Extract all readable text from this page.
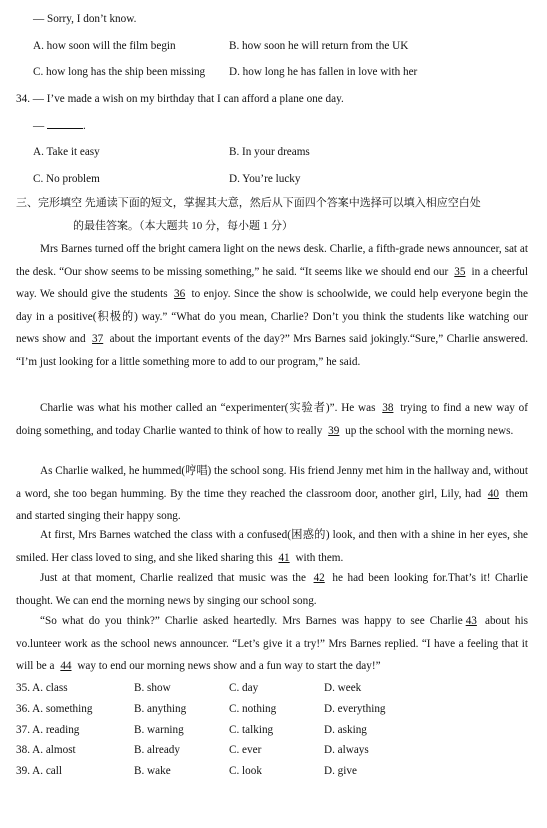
— Sorry, I don’t know.
A. how soon will the film begin	B. how soon he will return from the UK
C. how long has the ship been missing D. how long he has fallen in love with her
34. — I’ve made a wish on my birthday that I can afford a plane one day.
—	.
A. Take it easy	B. In your dreams
C. No problem	D. You’re lucky
三、完形填空 先通读下面的短文，掌握其大意，然后从下面四个答案中选择可以填入相应空白处
的最佳答案。（本大题共 10 分，每小题 1 分）
Mrs Barnes turned off the bright camera light on the news desk. Charlie, a fifth-grade news announcer, sat at the desk. “Our show seems to be missing something,” he said. “It seems like we should end our 35 in a cheerful way. We should give the students 36 to enjoy. Since the show is schoolwide, we could help everyone begin the day in a positive(积极的) way.” “What do you mean, Charlie? Don’t you think the students like watching our news show and 37 about the important events of the day?” Mrs Barnes said jokingly.“Sure,” Charlie answered. “I’m just looking for a little something more to add to our program,” he said.
Charlie was what his mother called an “experimenter(实验者)”. He was 38 trying to find a new way of doing something, and today Charlie wanted to think of how to really 39 up the school with the morning news.
As Charlie walked, he hummed(哼唱) the school song. His friend Jenny met him in the hallway and, without a word, she too began humming. By the time they reached the classroom door, another girl, Lily, had 40 them and started singing their happy song.
At first, Mrs Barnes watched the class with a confused(困惑的) look, and then with a shine in her eyes, she smiled. Her class loved to sing, and she liked sharing this 41 with them.
Just at that moment, Charlie realized that music was the 42 he had been looking for.That’s it! Charlie thought. We can end the morning news by singing our school song.
“So what do you think?” Charlie asked heartedly. Mrs Barnes was happy to see Charlie 43 about his vo.lunteer work as the school news announcer. “Let’s give it a try!” Mrs Barnes replied. “I have a feeling that it will be a 44 way to end our morning news show and a fun way to start the day!”
35. A. class	B. show	C. day	D. week
36. A. something	B. anything	C. nothing	D. everything
37. A. reading	B. warning	C. talking	D. asking
38. A. almost	B. already	C. ever	D. always
39. A. call	B. wake	C. look	D. give
